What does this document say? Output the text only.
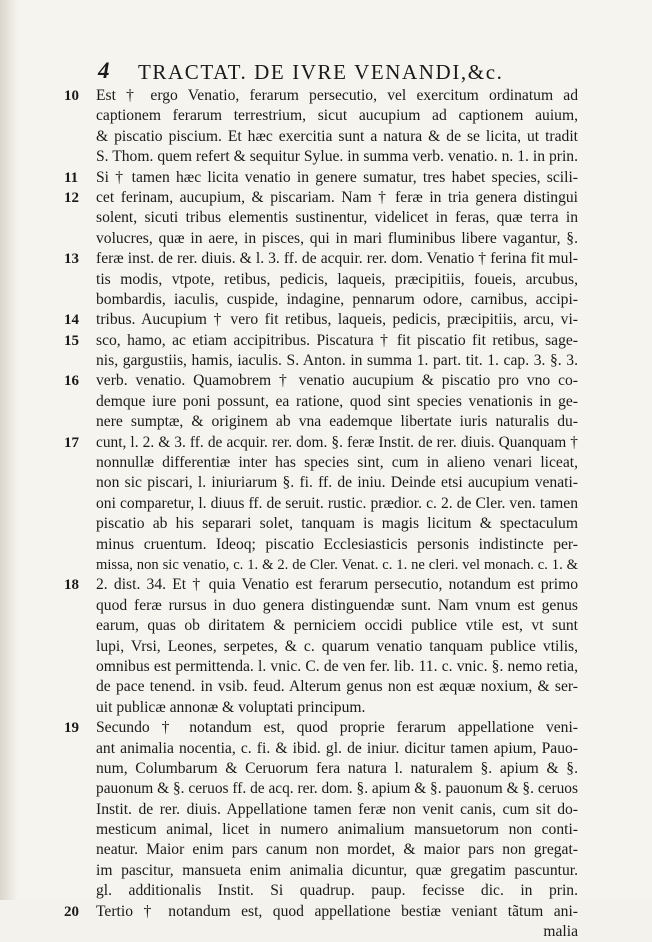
4 TRACTAT. DE IVRE VENANDI,&c.
10	Est † ergo Venatio, ferarum persecutio, vel exercitum ordinatum ad
captionem ferarum terrestrium, sicut aucupium ad captionem auium,
& piscatio piscium. Et hæc exercitia sunt a natura & de se licita, ut tradit
S. Thom. quem refert & sequitur Sylue. in summa verb. venatio. n. 1. in prin.
11	Si † tamen hæc licita venatio in genere sumatur, tres habet species, scili-
12	cet ferinam, aucupium, & piscariam. Nam † feræ in tria genera distingui
solent, sicuti tribus elementis sustinentur, videlicet in feras, quæ terra in
volucres, quæ in aere, in pisces, qui in mari fluminibus libere vagantur, §.
13	feræ inst. de rer. diuis. & l. 3. ff. de acquir. rer. dom. Venatio † ferina fit mul-
tis modis, vtpote, retibus, pedicis, laqueis, præcipitiis, foueis, arcubus,
bombardis, iaculis, cuspide, indagine, pennarum odore, carnibus, accipi-
14	tribus. Aucupium † vero fit retibus, laqueis, pedicis, præcipitiis, arcu, vi-
15	sco, hamo, ac etiam accipitribus. Piscatura † fit piscatio fit retibus, sage-
nis, gargustiis, hamis, iaculis. S. Anton. in summa 1. part. tit. 1. cap. 3. §. 3.
16	verb. venatio. Quamobrem † venatio aucupium & piscatio pro vno co-
demque iure poni possunt, ea ratione, quod sint species venationis in ge-
nere sumptæ, & originem ab vna eademque libertate iuris naturalis du-
17	cunt, l. 2. & 3. ff. de acquir. rer. dom. §. feræ Instit. de rer. diuis. Quanquam †
nonnullæ differentiæ inter has species sint, cum in alieno venari liceat,
non sic piscari, l. iniuriarum §. fi. ff. de iniu. Deinde etsi aucupium venati-
oni comparetur, l. diuus ff. de seruit. rustic. prædior. c. 2. de Cler. ven. tamen
piscatio ab his separari solet, tanquam is magis licitum & spectaculum
minus cruentum. Ideoq; piscatio Ecclesiasticis personis indistincte per-
missa, non sic venatio, c. 1. & 2. de Cler. Venat. c. 1. ne cleri. vel monach. c. 1. &
18	2. dist. 34. Et † quia Venatio est ferarum persecutio, notandum est primo
quod feræ rursus in duo genera distinguendæ sunt. Nam vnum est genus
earum, quas ob diritatem & perniciem occidi publice vtile est, vt sunt
lupi, Vrsi, Leones, serpetes, & c. quarum venatio tanquam publice vtilis,
omnibus est permittenda. l. vnic. C. de ven fer. lib. 11. c. vnic. §. nemo retia,
de pace tenend. in vsib. feud. Alterum genus non est æquæ noxium, & ser-
uit publicæ annonæ & voluptati principum.
19	Secundo † notandum est, quod proprie ferarum appellatione veni-
ant animalia nocentia, c. fi. & ibid. gl. de iniur. dicitur tamen apium, Pauo-
num, Columbarum & Ceruorum fera natura l. naturalem §. apium & §.
pauonum & §. ceruos ff. de acq. rer. dom. §. apium & §. pauonum & §. ceruos
Instit. de rer. diuis. Appellatione tamen feræ non venit canis, cum sit do-
mesticum animal, licet in numero animalium mansuetorum non conti-
neatur. Maior enim pars canum non mordet, & maior pars non gregat-
im pascitur, mansueta enim animalia dicuntur, quæ gregatim pascuntur.
gl. additionalis Instit. Si quadrup. paup. fecisse dic. in prin.
20	Tertio † notandum est, quod appellatione bestiæ veniant tãtum ani-
malia
